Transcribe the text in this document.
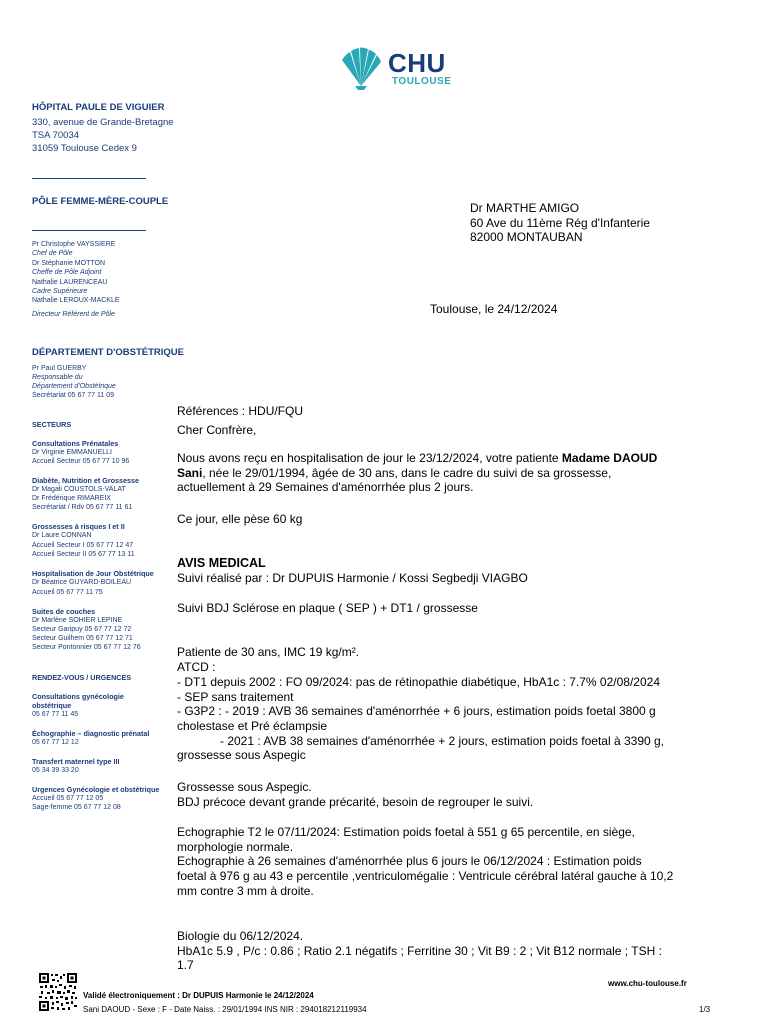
CHU
TOULOUSE
HÔPITAL PAULE DE VIGUIER
330, avenue de Grande-Bretagne
TSA 70034
31059 Toulouse Cedex 9
PÔLE FEMME-MÈRE-COUPLE
Pr Christophe VAYSSIERE
Chef de Pôle
Dr Stéphanie MOTTON
Cheffe de Pôle Adjoint
Nathalie LAURENCEAU
Cadre Supérieure
Nathalie LEROUX-MACKLE
Directeur Référent de Pôle
DÉPARTEMENT D'OBSTÉTRIQUE
Pr Paul GUERBY
Responsable du
Département d'Obstétrique
Secrétariat 05 67 77 11 09
SECTEURS
Consultations Prénatales
Dr Virginie EMMANUELLI
Accueil Secteur 05 67 77 10 96
Diabète, Nutrition et Grossesse
Dr Magali COUSTOLS-VALAT
Dr Frédérique RIMAREIX
Secrétariat / Rdv 05 67 77 11 61
Grossesses à risques I et II
Dr Laure CONNAN
Accueil Secteur I 05 67 77 12 47
Accueil Secteur II 05 67 77 13 11
Hospitalisation de Jour Obstétrique
Dr Béatrice GUYARD-BOILEAU
Accueil 05 67 77 11 75
Suites de couches
Dr Marlène SOHIER LEPINE
Secteur Garipuy 05 67 77 12 72
Secteur Guilhem 05 67 77 12 71
Secteur Pontonnier 05 67 77 12 76
RENDEZ-VOUS / URGENCES
Consultations gynécologie
obstétrique
05 67 77 11 45
Échographie – diagnostic prénatal
05 67 77 12 12
Transfert maternel type III
05 34 39 33 20
Urgences Gynécologie et obstétrique
Accueil 05 67 77 12 05
Sage-femme 05 67 77 12 08
Dr MARTHE AMIGO
60 Ave du 11ème Rég d'Infanterie
82000 MONTAUBAN
Toulouse, le 24/12/2024
Références : HDU/FQU
Cher Confrère,
Nous avons reçu en hospitalisation de jour le 23/12/2024, votre patiente Madame DAOUD
Sani, née le 29/01/1994, âgée de 30 ans, dans le cadre du suivi de sa grossesse,
actuellement à 29 Semaines d'aménorrhée plus 2 jours.
Ce jour, elle pèse 60 kg
AVIS MEDICAL
Suivi réalisé par : Dr DUPUIS Harmonie / Kossi Segbedji VIAGBO
Suivi BDJ Sclérose en plaque ( SEP ) + DT1 / grossesse
Patiente de 30 ans, IMC 19 kg/m².
ATCD :
- DT1 depuis 2002 : FO 09/2024: pas de rétinopathie diabétique, HbA1c : 7.7% 02/08/2024
- SEP sans traitement
- G3P2 : - 2019 : AVB 36 semaines d'aménorrhée + 6 jours, estimation poids foetal 3800 g
cholestase et Pré éclampsie
- 2021 : AVB 38 semaines d'aménorrhée + 2 jours, estimation poids foetal à 3390 g,
grossesse sous Aspegic
Grossesse sous Aspegic.
BDJ précoce devant grande précarité, besoin de regrouper le suivi.
Echographie T2 le 07/11/2024: Estimation poids foetal à 551 g 65 percentile, en siège,
morphologie normale.
Echographie à 26 semaines d'aménorrhée plus 6 jours le 06/12/2024 : Estimation poids
foetal à 976 g au 43 e percentile ,ventriculomégalie : Ventricule cérébral latéral gauche à 10,2
mm contre 3 mm à droite.
Biologie du 06/12/2024.
HbA1c 5.9 , P/c : 0.86 ; Ratio 2.1 négatifs ; Ferritine 30 ; Vit B9 : 2 ; Vit B12 normale ; TSH :
1.7
www.chu-toulouse.fr
Validé électroniquement : Dr DUPUIS Harmonie le 24/12/2024
Sani DAOUD - Sexe : F - Date Naiss. : 29/01/1994 INS NIR : 294018212119934	1/3
